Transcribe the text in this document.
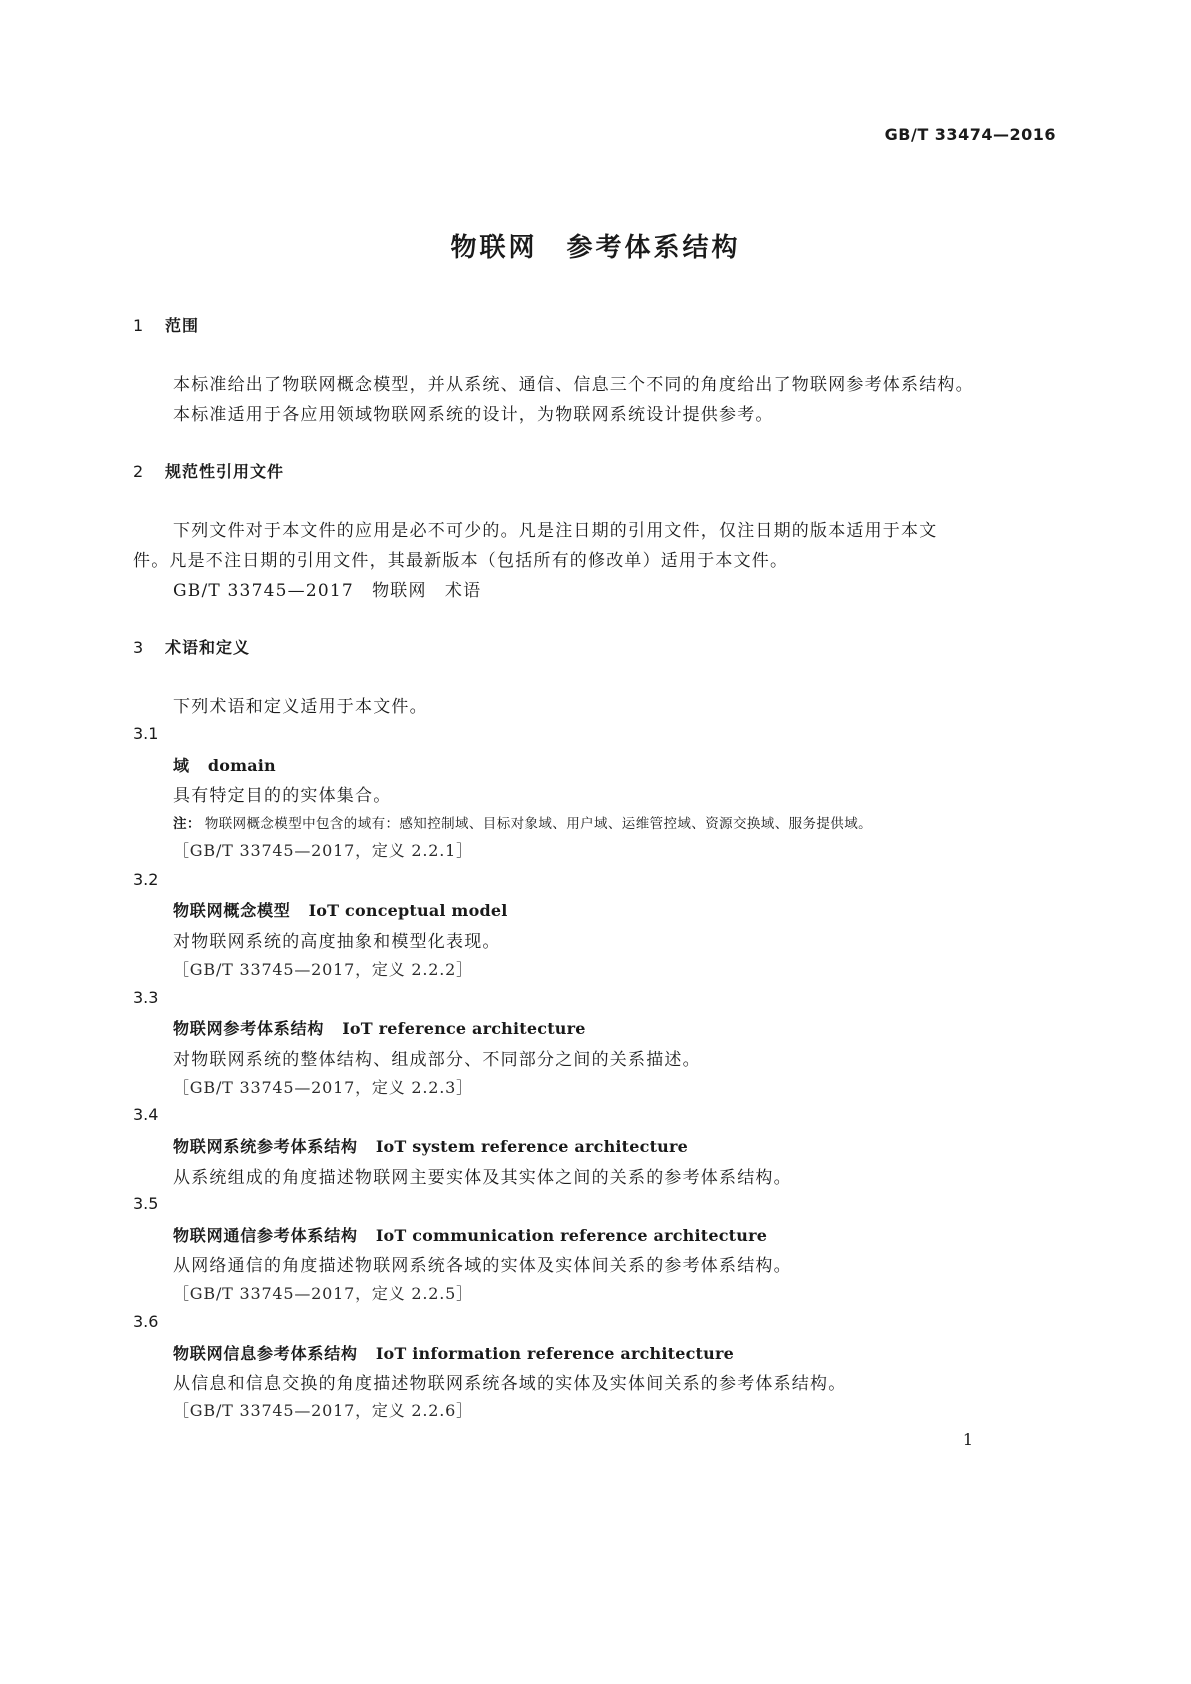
GB/T 33474—2016
物联网　参考体系结构
1 范围
本标准给出了物联网概念模型，并从系统、通信、信息三个不同的角度给出了物联网参考体系结构。
本标准适用于各应用领域物联网系统的设计，为物联网系统设计提供参考。
2 规范性引用文件
下列文件对于本文件的应用是必不可少的。凡是注日期的引用文件，仅注日期的版本适用于本文
件。凡是不注日期的引用文件，其最新版本（包括所有的修改单）适用于本文件。
GB/T 33745—2017　物联网　术语
3 术语和定义
下列术语和定义适用于本文件。
3.1
域 domain
具有特定目的的实体集合。
注： 物联网概念模型中包含的域有：感知控制域、目标对象域、用户域、运维管控域、资源交换域、服务提供域。
［GB/T 33745—2017，定义 2.2.1］
3.2
物联网概念模型 IoT conceptual model
对物联网系统的高度抽象和模型化表现。
［GB/T 33745—2017，定义 2.2.2］
3.3
物联网参考体系结构 IoT reference architecture
对物联网系统的整体结构、组成部分、不同部分之间的关系描述。
［GB/T 33745—2017，定义 2.2.3］
3.4
物联网系统参考体系结构 IoT system reference architecture
从系统组成的角度描述物联网主要实体及其实体之间的关系的参考体系结构。
3.5
物联网通信参考体系结构 IoT communication reference architecture
从网络通信的角度描述物联网系统各域的实体及实体间关系的参考体系结构。
［GB/T 33745—2017，定义 2.2.5］
3.6
物联网信息参考体系结构 IoT information reference architecture
从信息和信息交换的角度描述物联网系统各域的实体及实体间关系的参考体系结构。
［GB/T 33745—2017，定义 2.2.6］
1
